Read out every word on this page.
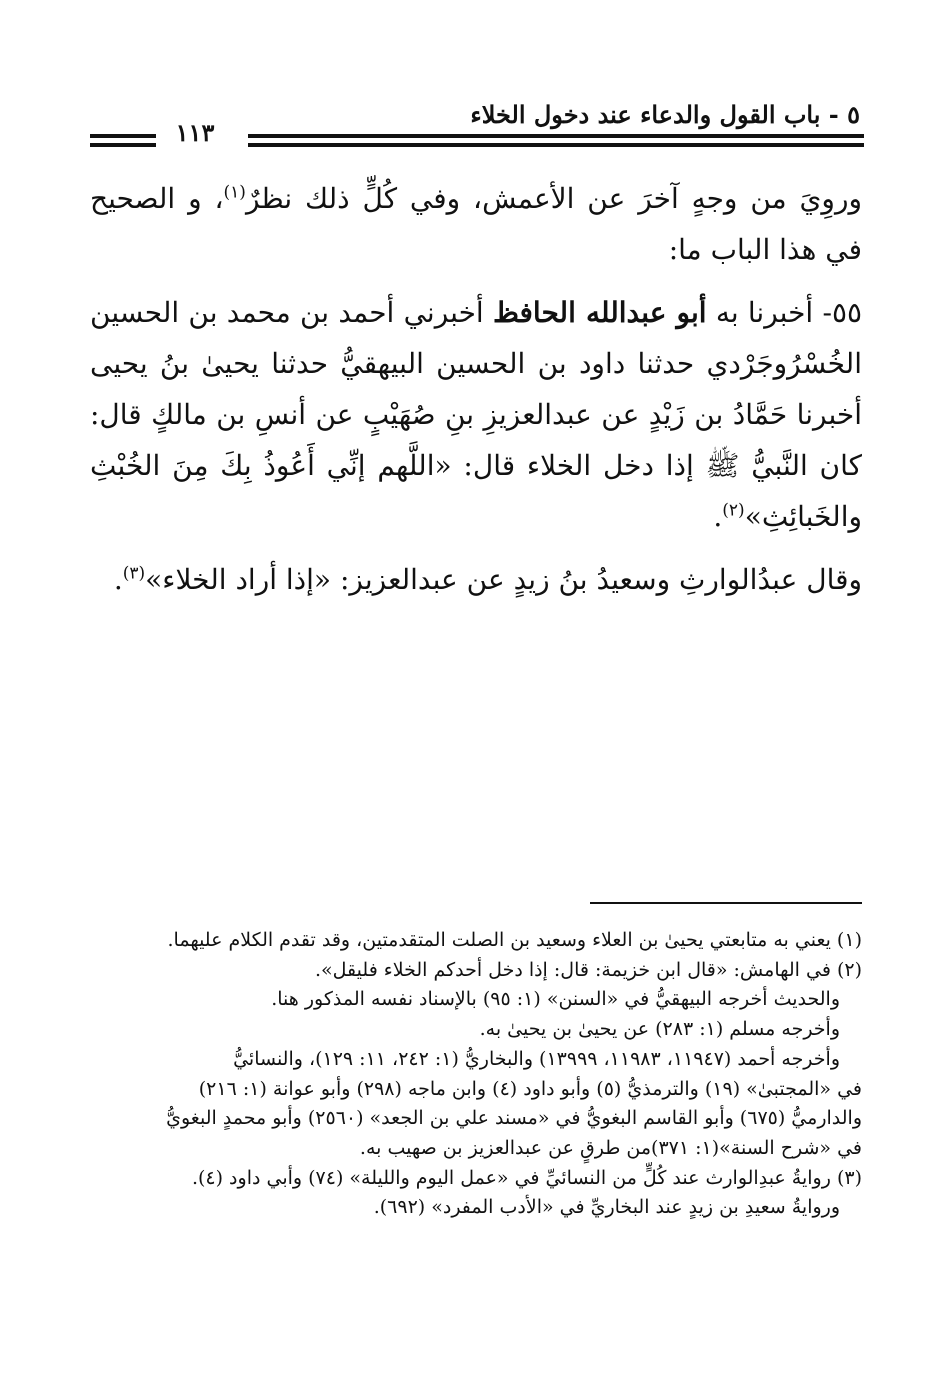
٥ - باب القول والدعاء عند دخول الخلاء
١١٣

وروِيَ من وجهٍ آخرَ عن الأعمش، وفي كُلٍّ ذلك نظرٌ$^{(١)}$، و الصحيح في هذا الباب ما:

٥٥- أخبرنا به أبو عبدالله الحافظ أخبرني أحمد بن محمد بن الحسين الخُسْرُوجَرْدي حدثنا داود بن الحسين البيهقيُّ حدثنا يحيىٰ بنُ يحيى أخبرنا حَمَّادُ بن زَيْدٍ عن عبدالعزيزِ بنِ صُهَيْبٍ عن أنسِ بن مالكٍ قال: كان النَّبيُّ ﷺ إذا دخل الخلاء قال: «اللَّهم إنِّي أَعُوذُ بِكَ مِنَ الخُبْثِ والخَبائِثِ»$^{(٢)}$.

وقال عبدُالوارثِ وسعيدُ بنُ زيدٍ عن عبدالعزيز: «إذا أراد الخلاء»$^{(٣)}$.

(١) يعني به متابعتي يحيىٰ بن العلاء وسعيد بن الصلت المتقدمتين، وقد تقدم الكلام عليهما.
(٢) في الهامش: «قال ابن خزيمة: قال: إذا دخل أحدكم الخلاء فليقل».
والحديث أخرجه البيهقيُّ في «السنن» (١: ٩٥) بالإسناد نفسه المذكور هنا.
وأخرجه مسلم (١: ٢٨٣) عن يحيىٰ بن يحيىٰ به.
وأخرجه أحمد (١١٩٤٧، ١١٩٨٣، ١٣٩٩٩) والبخاريُّ (١: ٢٤٢، ١١: ١٢٩)، والنسائيُّ
في «المجتبىٰ» (١٩) والترمذيُّ (٥) وأبو داود (٤) وابن ماجه (٢٩٨) وأبو عوانة (١: ٢١٦)
والدارميُّ (٦٧٥) وأبو القاسم البغويُّ في «مسند علي بن الجعد» (٢٥٦٠) وأبو محمدٍ البغويُّ
في «شرح السنة»(١: ٣٧١)من طرقٍ عن عبدالعزيز بن صهيب به.
(٣) روايةُ عبدِالوارث عند كُلٍّ من النسائيِّ في «عمل اليوم والليلة» (٧٤) وأبي داود (٤).
وروايةُ سعيدِ بن زيدٍ عند البخاريِّ في «الأدب المفرد» (٦٩٢).
